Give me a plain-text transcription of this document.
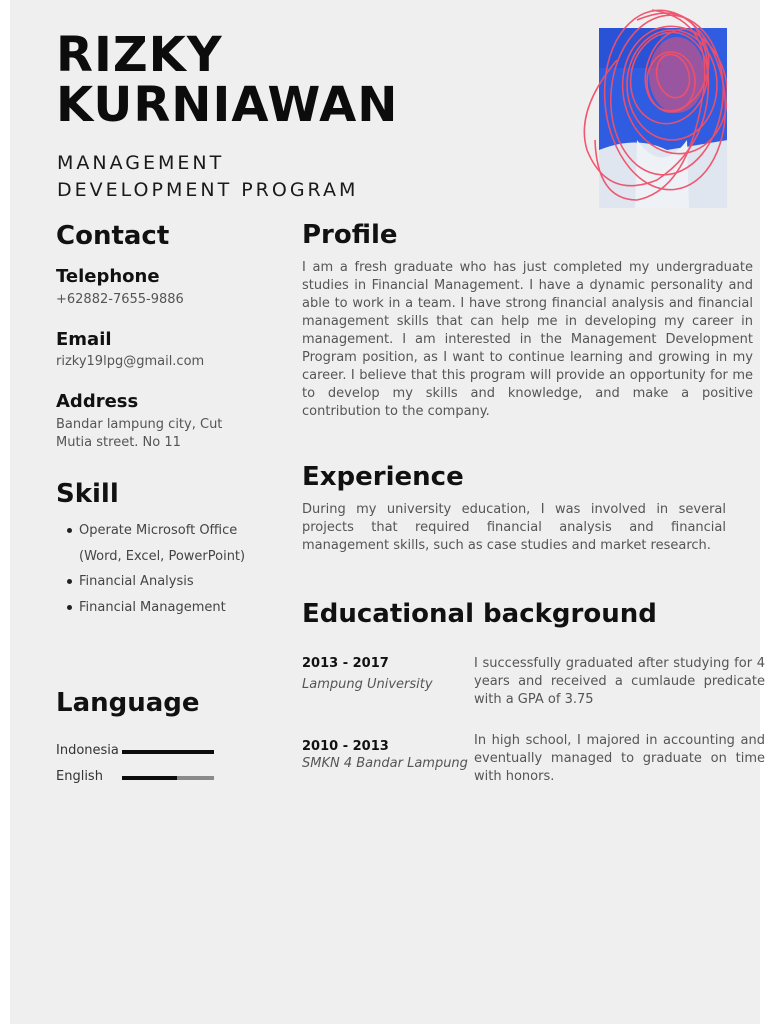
RIZKY
KURNIAWAN
MANAGEMENT
DEVELOPMENT PROGRAM
Contact
Telephone

+62882-7655-9886

Email

rizky19lpg@gmail.com

Address
Bandar lampung city, Cut
Mutia street. No 11
Skill
Operate Microsoft Office
(Word, Excel, PowerPoint)
Financial Analysis
Financial Management
Language
Indonesia
English
Profile

I am a fresh graduate who has just completed my undergraduate studies in Financial Management. I have a dynamic personality and able to work in a team. I have strong financial analysis and financial management skills that can help me in developing my career in management. I am interested in the Management Development Program position, as I want to continue learning and growing in my career. I believe that this program will provide an opportunity for me to develop my skills and knowledge, and make a positive contribution to the company.

Experience

During my university education, I was involved in several projects that required financial analysis and financial management skills, such as case studies and market research.

Educational background

2013 - 2017

Lampung University

I successfully graduated after studying for 4 years and received a cumlaude predicate with a GPA of 3.75

2010 - 2013

SMKN 4 Bandar Lampung

In high school, I majored in accounting and eventually managed to graduate on time with honors.
